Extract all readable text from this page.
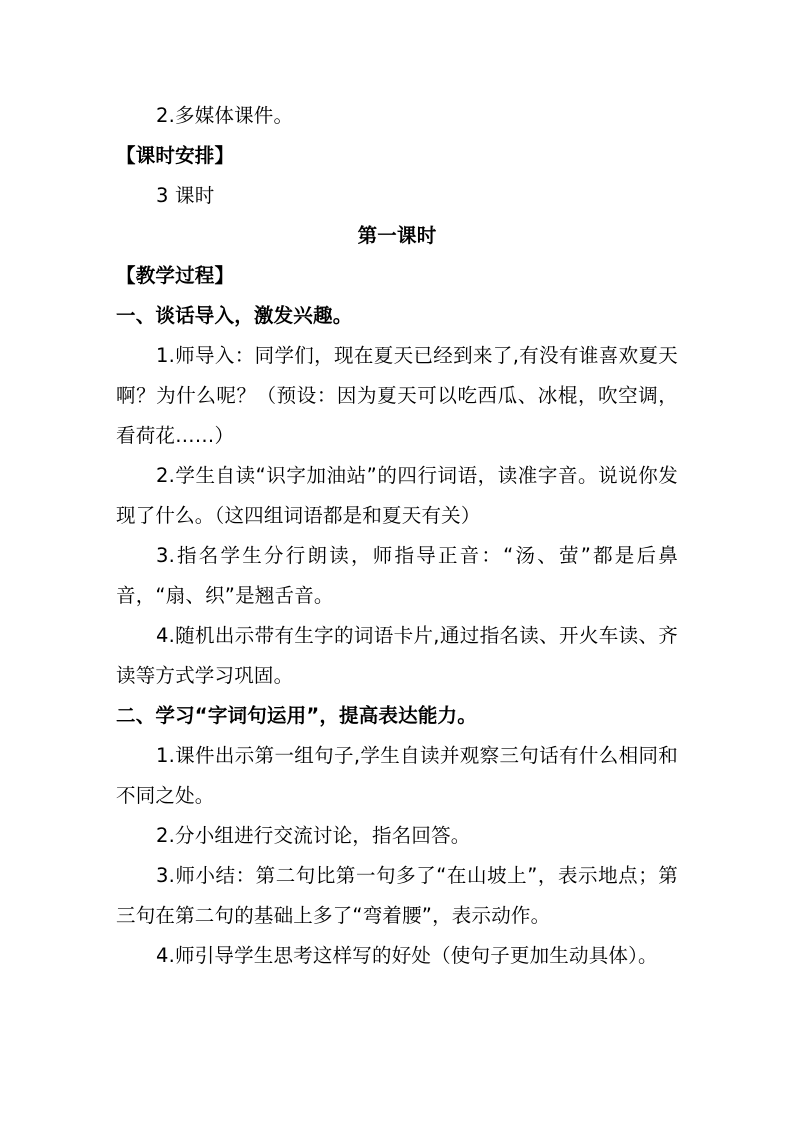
2.多媒体课件。

【课时安排】

3 课时

第一课时

【教学过程】

一、谈话导入，激发兴趣。

1.师导入：同学们，现在夏天已经到来了,有没有谁喜欢夏天啊？为什么呢？（预设：因为夏天可以吃西瓜、冰棍，吹空调，看荷花……）

2.学生自读“识字加油站”的四行词语，读准字音。说说你发现了什么。（这四组词语都是和夏天有关）

3.指名学生分行朗读，师指导正音：“汤、萤”都是后鼻音，“扇、织”是翘舌音。

4.随机出示带有生字的词语卡片,通过指名读、开火车读、齐读等方式学习巩固。

二、学习“字词句运用”，提高表达能力。

1.课件出示第一组句子,学生自读并观察三句话有什么相同和不同之处。

2.分小组进行交流讨论，指名回答。

3.师小结：第二句比第一句多了“在山坡上”，表示地点；第三句在第二句的基础上多了“弯着腰”，表示动作。

4.师引导学生思考这样写的好处（使句子更加生动具体）。
